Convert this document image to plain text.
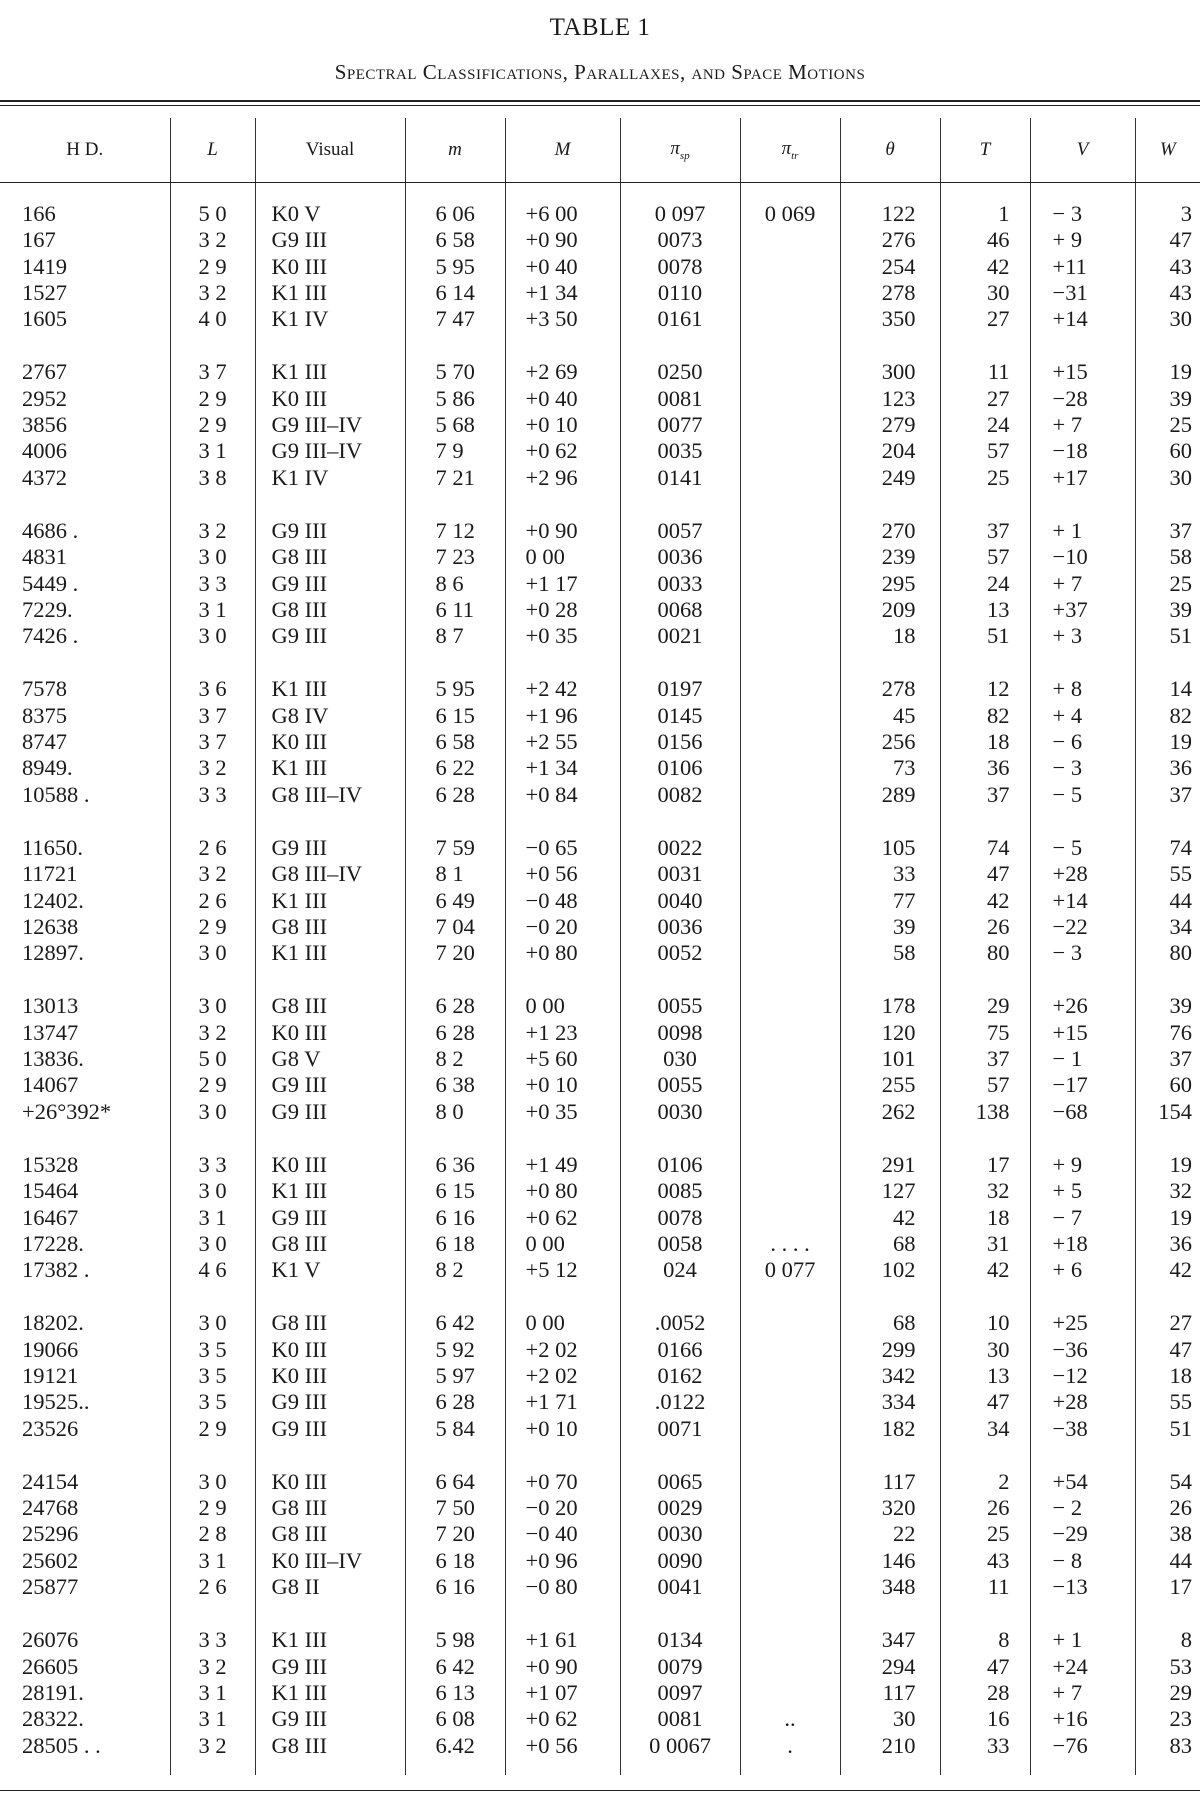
TABLE 1
Spectral Classifications, Parallaxes, and Space Motions
H D.	L	Visual	m	M	$\pi_{sp}$	$\pi_{tr}$	θ	T	V	W
166	5 0	K0 V	6 06	+6 00	0 097	0 069	122	1	− 3	3
167	3 2	G9 III	6 58	+0 90	0073		276	46	+ 9	47
1419	2 9	K0 III	5 95	+0 40	0078		254	42	+11	43
1527	3 2	K1 III	6 14	+1 34	0110		278	30	−31	43
1605	4 0	K1 IV	7 47	+3 50	0161		350	27	+14	30
2767	3 7	K1 III	5 70	+2 69	0250		300	11	+15	19
2952	2 9	K0 III	5 86	+0 40	0081		123	27	−28	39
3856	2 9	G9 III–IV	5 68	+0 10	0077		279	24	+ 7	25
4006	3 1	G9 III–IV	7 9	+0 62	0035		204	57	−18	60
4372	3 8	K1 IV	7 21	+2 96	0141		249	25	+17	30
4686 .	3 2	G9 III	7 12	+0 90	0057		270	37	+ 1	37
4831	3 0	G8 III	7 23	0 00	0036		239	57	−10	58
5449 .	3 3	G9 III	8 6	+1 17	0033		295	24	+ 7	25
7229.	3 1	G8 III	6 11	+0 28	0068		209	13	+37	39
7426 .	3 0	G9 III	8 7	+0 35	0021		18	51	+ 3	51
7578	3 6	K1 III	5 95	+2 42	0197		278	12	+ 8	14
8375	3 7	G8 IV	6 15	+1 96	0145		45	82	+ 4	82
8747	3 7	K0 III	6 58	+2 55	0156		256	18	− 6	19
8949.	3 2	K1 III	6 22	+1 34	0106		73	36	− 3	36
10588 .	3 3	G8 III–IV	6 28	+0 84	0082		289	37	− 5	37
11650.	2 6	G9 III	7 59	−0 65	0022		105	74	− 5	74
11721	3 2	G8 III–IV	8 1	+0 56	0031		33	47	+28	55
12402.	2 6	K1 III	6 49	−0 48	0040		77	42	+14	44
12638	2 9	G8 III	7 04	−0 20	0036		39	26	−22	34
12897.	3 0	K1 III	7 20	+0 80	0052		58	80	− 3	80
13013	3 0	G8 III	6 28	0 00	0055		178	29	+26	39
13747	3 2	K0 III	6 28	+1 23	0098		120	75	+15	76
13836.	5 0	G8 V	8 2	+5 60	030		101	37	− 1	37
14067	2 9	G9 III	6 38	+0 10	0055		255	57	−17	60
+26°392*	3 0	G9 III	8 0	+0 35	0030		262	138	−68	154
15328	3 3	K0 III	6 36	+1 49	0106		291	17	+ 9	19
15464	3 0	K1 III	6 15	+0 80	0085		127	32	+ 5	32
16467	3 1	G9 III	6 16	+0 62	0078		42	18	− 7	19
17228.	3 0	G8 III	6 18	0 00	0058	. . . .	68	31	+18	36
17382 .	4 6	K1 V	8 2	+5 12	024	0 077	102	42	+ 6	42
18202.	3 0	G8 III	6 42	0 00	.0052		68	10	+25	27
19066	3 5	K0 III	5 92	+2 02	0166		299	30	−36	47
19121	3 5	K0 III	5 97	+2 02	0162		342	13	−12	18
19525..	3 5	G9 III	6 28	+1 71	.0122		334	47	+28	55
23526	2 9	G9 III	5 84	+0 10	0071		182	34	−38	51
24154	3 0	K0 III	6 64	+0 70	0065		117	2	+54	54
24768	2 9	G8 III	7 50	−0 20	0029		320	26	− 2	26
25296	2 8	G8 III	7 20	−0 40	0030		22	25	−29	38
25602	3 1	K0 III–IV	6 18	+0 96	0090		146	43	− 8	44
25877	2 6	G8 II	6 16	−0 80	0041		348	11	−13	17
26076	3 3	K1 III	5 98	+1 61	0134		347	8	+ 1	8
26605	3 2	G9 III	6 42	+0 90	0079		294	47	+24	53
28191.	3 1	K1 III	6 13	+1 07	0097		117	28	+ 7	29
28322.	3 1	G9 III	6 08	+0 62	0081	..	30	16	+16	23
28505 . .	3 2	G8 III	6.42	+0 56	0 0067	.	210	33	−76	83
